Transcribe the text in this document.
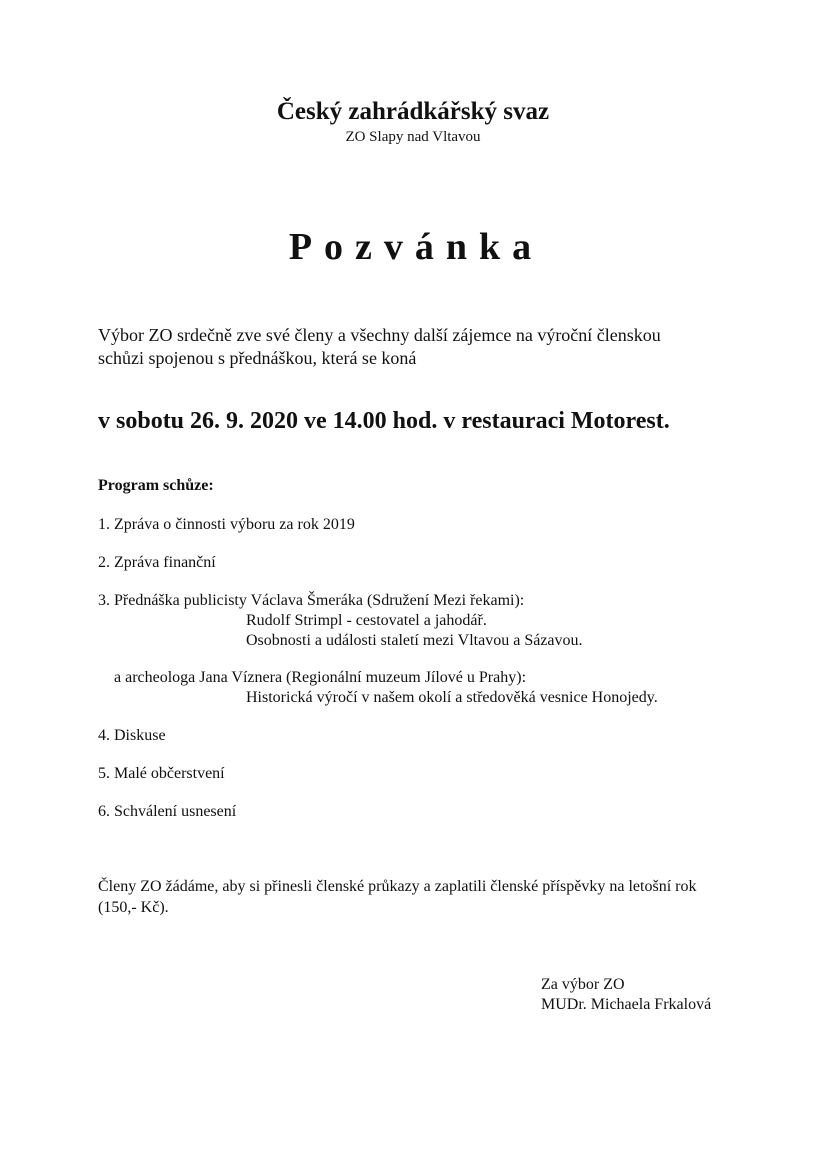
Český zahrádkářský svaz
ZO Slapy nad Vltavou
Pozvánka
Výbor ZO srdečně zve své členy a všechny další zájemce na výroční členskou
schůzi spojenou s přednáškou, která se koná
v sobotu 26. 9. 2020 ve 14.00 hod. v restauraci Motorest.
Program schůze:
1. Zpráva o činnosti výboru za rok 2019
2. Zpráva finanční
3. Přednáška publicisty Václava Šmeráka (Sdružení Mezi řekami):
Rudolf Strimpl - cestovatel a jahodář.
Osobnosti a události staletí mezi Vltavou a Sázavou.
a archeologa Jana Víznera (Regionální muzeum Jílové u Prahy):
Historická výročí v našem okolí a středověká vesnice Honojedy.
4. Diskuse
5. Malé občerstvení
6. Schválení usnesení
Členy ZO žádáme, aby si přinesli členské průkazy a zaplatili členské příspěvky na letošní rok
(150,- Kč).
Za výbor ZO
MUDr. Michaela Frkalová
